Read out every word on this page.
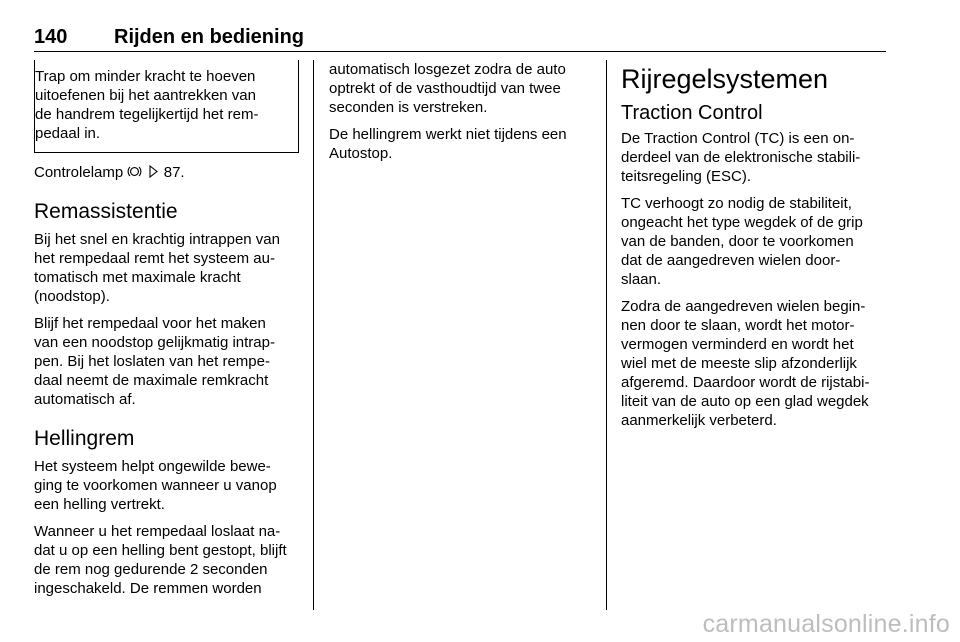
140 Rijden en bediening
Trap om minder kracht te hoeven
uitoefenen bij het aantrekken van
de handrem tegelijkertijd het rem-
pedaal in.

Controlelamp	87.

Remassistentie

Bij het snel en krachtig intrappen van
het rempedaal remt het systeem au-
tomatisch met maximale kracht
(noodstop).

Blijf het rempedaal voor het maken
van een noodstop gelijkmatig intrap-
pen. Bij het loslaten van het rempe-
daal neemt de maximale remkracht
automatisch af.

Hellingrem

Het systeem helpt ongewilde bewe-
ging te voorkomen wanneer u vanop
een helling vertrekt.

Wanneer u het rempedaal loslaat na-
dat u op een helling bent gestopt, blijft
de rem nog gedurende 2 seconden
ingeschakeld. De remmen worden

automatisch losgezet zodra de auto
optrekt of de vasthoudtijd van twee
seconden is verstreken.

De hellingrem werkt niet tijdens een
Autostop.

Rijregelsystemen
Traction Control

De Traction Control (TC) is een on-
derdeel van de elektronische stabili-
teitsregeling (ESC).

TC verhoogt zo nodig de stabiliteit,
ongeacht het type wegdek of de grip
van de banden, door te voorkomen
dat de aangedreven wielen door-
slaan.

Zodra de aangedreven wielen begin-
nen door te slaan, wordt het motor-
vermogen verminderd en wordt het
wiel met de meeste slip afzonderlijk
afgeremd. Daardoor wordt de rijstabi-
liteit van de auto op een glad wegdek
aanmerkelijk verbeterd.

carmanualsonline.info
